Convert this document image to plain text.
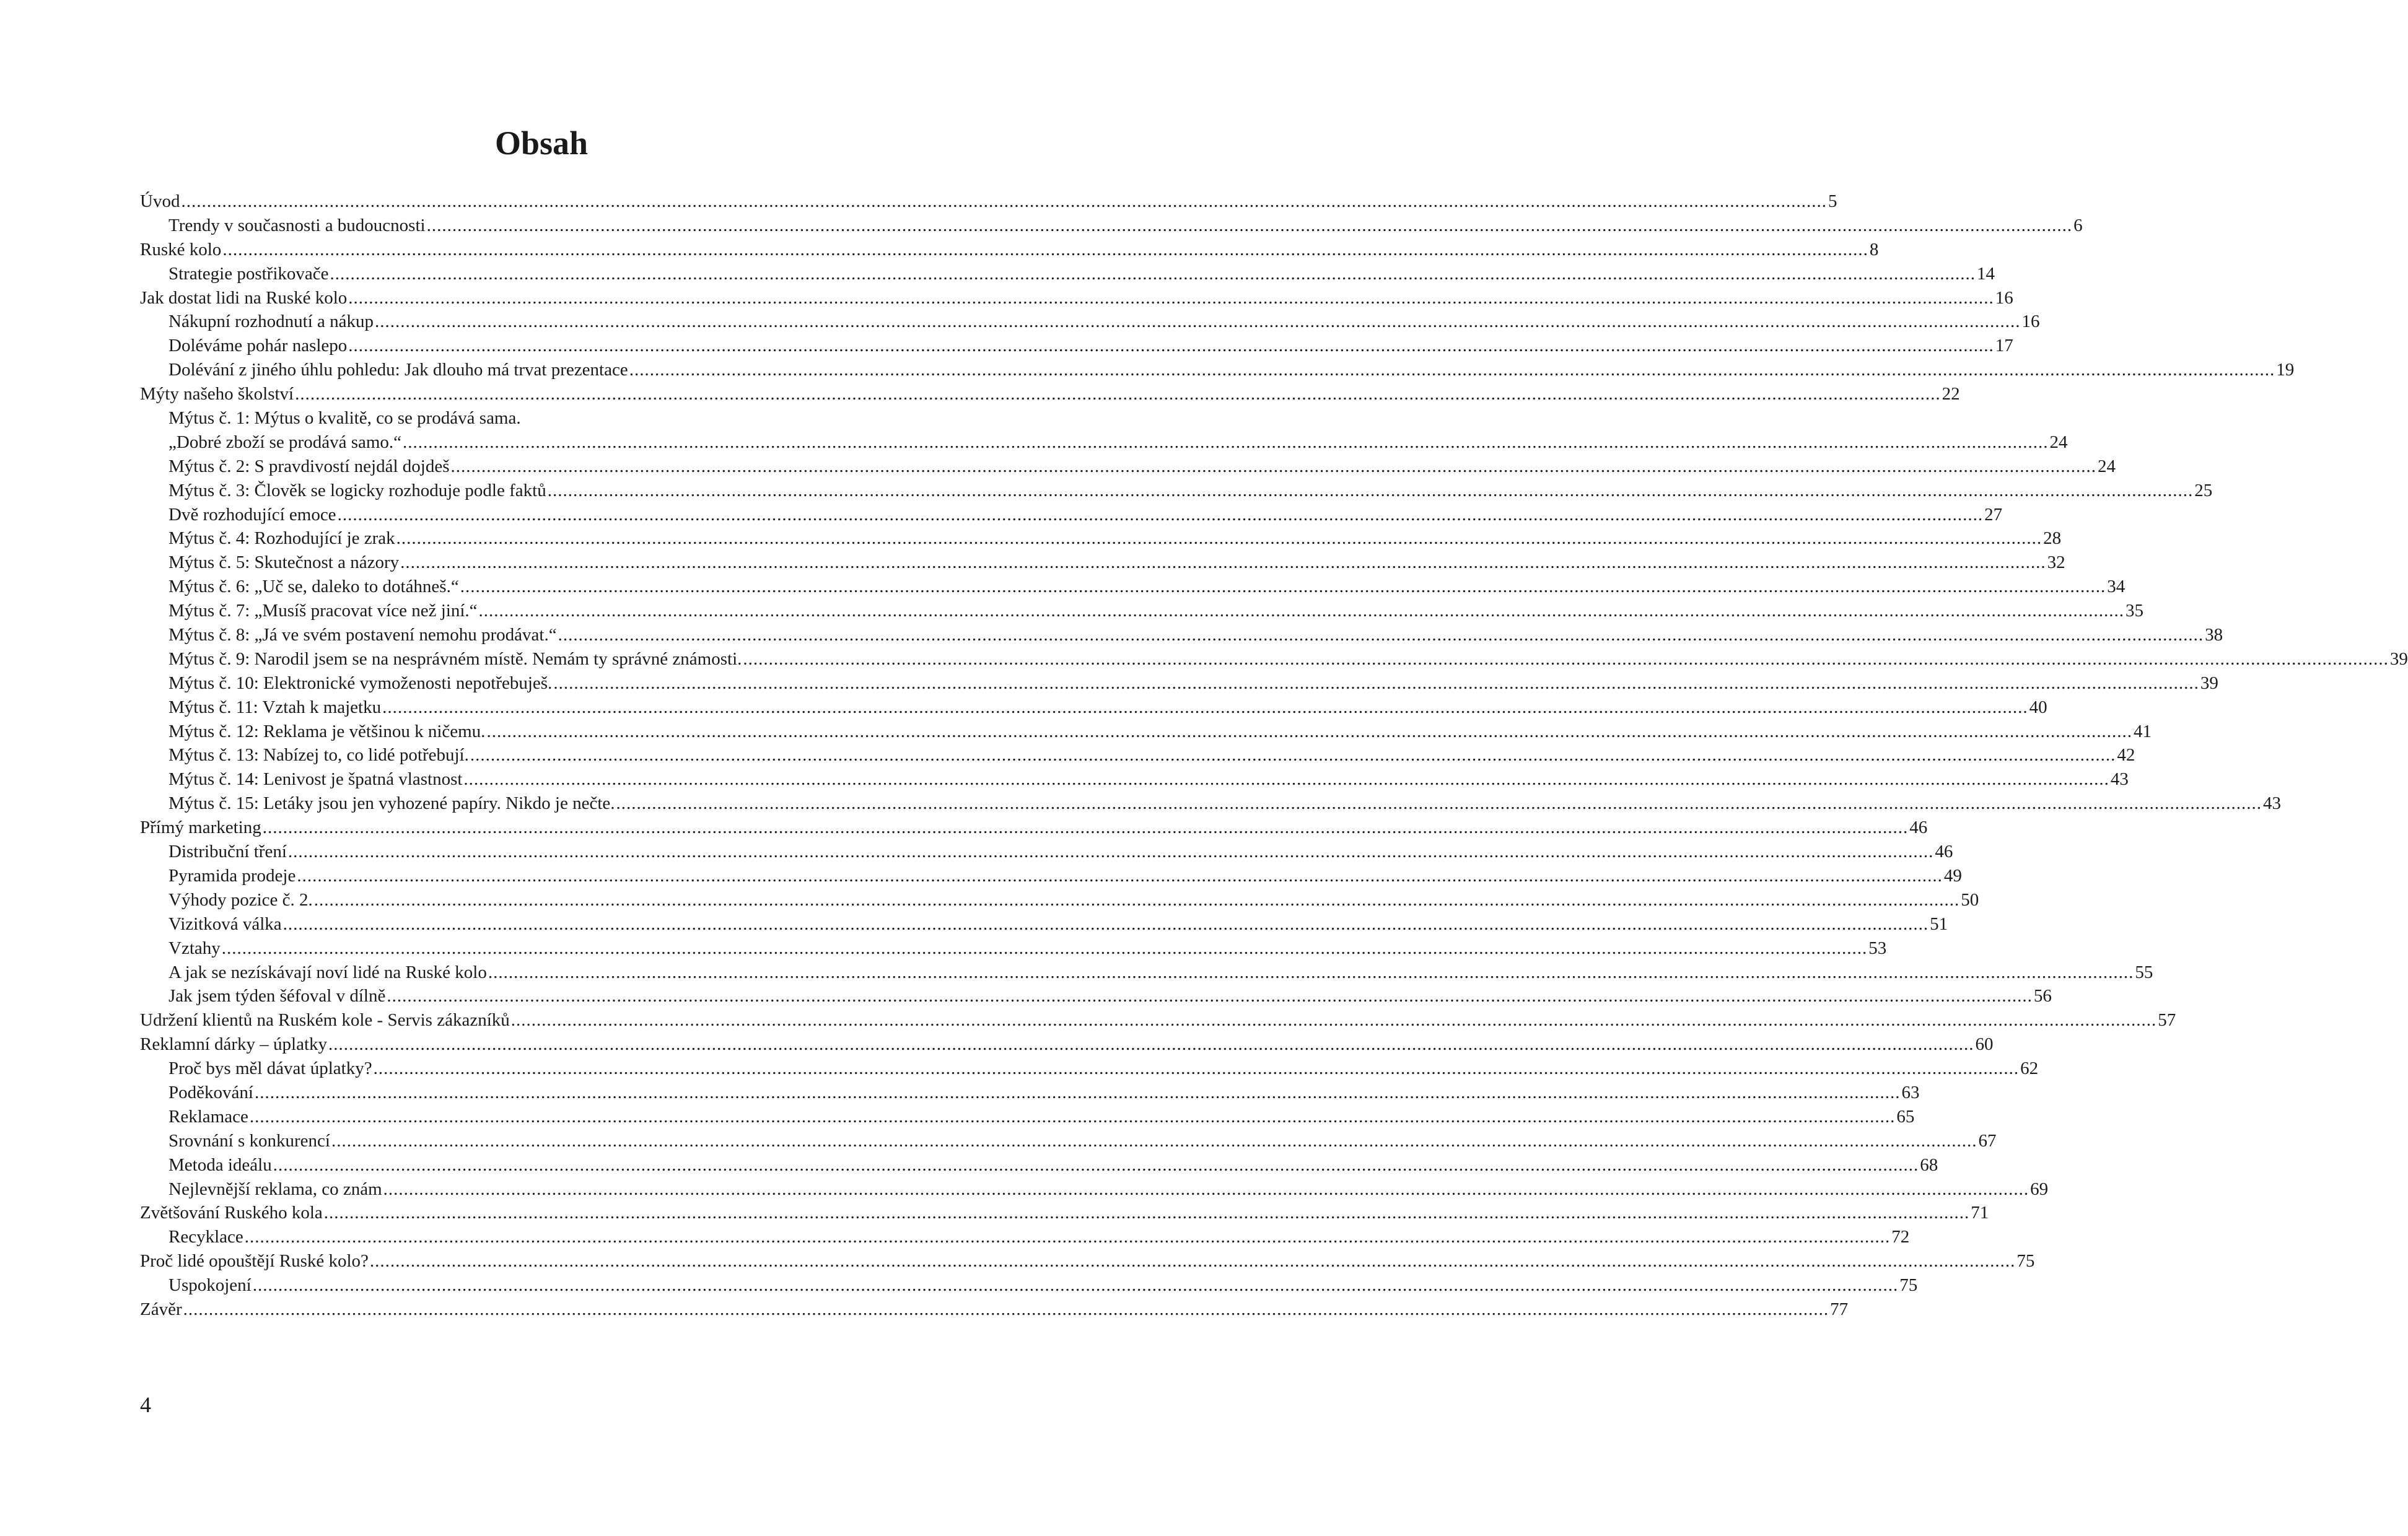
Obsah
Úvod .....	5
Trendy v současnosti a budoucnosti .....	6
Ruské kolo .....	8
Strategie postřikovače .....	14
Jak dostat lidi na Ruské kolo .....	16
Nákupní rozhodnutí a nákup .....	16
Doléváme pohár naslepo .....	17
Dolévání z jiného úhlu pohledu: Jak dlouho má trvat prezentace .....	19
Mýty našeho školství .....	22
Mýtus č. 1: Mýtus o kvalitě, co se prodává sama.
„Dobré zboží se prodává samo.“ .....	24
Mýtus č. 2: S pravdivostí nejdál dojdeš .....	24
Mýtus č. 3: Člověk se logicky rozhoduje podle faktů .....	25
Dvě rozhodující emoce .....	27
Mýtus č. 4: Rozhodující je zrak .....	28
Mýtus č. 5: Skutečnost a názory .....	32
Mýtus č. 6: „Uč se, daleko to dotáhneš.“ .....	34
Mýtus č. 7: „Musíš pracovat více než jiní.“ .....	35
Mýtus č. 8: „Já ve svém postavení nemohu prodávat.“ .....	38
Mýtus č. 9: Narodil jsem se na nesprávném místě. Nemám ty správné známosti. .....	39
Mýtus č. 10: Elektronické vymoženosti nepotřebuješ. .....	39
Mýtus č. 11: Vztah k majetku .....	40
Mýtus č. 12: Reklama je většinou k ničemu. .....	41
Mýtus č. 13: Nabízej to, co lidé potřebují. .....	42
Mýtus č. 14: Lenivost je špatná vlastnost .....	43
Mýtus č. 15: Letáky jsou jen vyhozené papíry. Nikdo je nečte. .....	43
Přímý marketing .....	46
Distribuční tření .....	46
Pyramida prodeje .....	49
Výhody pozice č. 2. .....	50
Vizitková válka .....	51
Vztahy .....	53
A jak se nezískávají noví lidé na Ruské kolo .....	55
Jak jsem týden šéfoval v dílně .....	56
Udržení klientů na Ruském kole - Servis zákazníků .....	57
Reklamní dárky – úplatky .....	60
Proč bys měl dávat úplatky? .....	62
Poděkování .....	63
Reklamace .....	65
Srovnání s konkurencí .....	67
Metoda ideálu .....	68
Nejlevnější reklama, co znám .....	69
Zvětšování Ruského kola .....	71
Recyklace .....	72
Proč lidé opouštějí Ruské kolo? .....	75
Uspokojení .....	75
Závěr .....	77

4
